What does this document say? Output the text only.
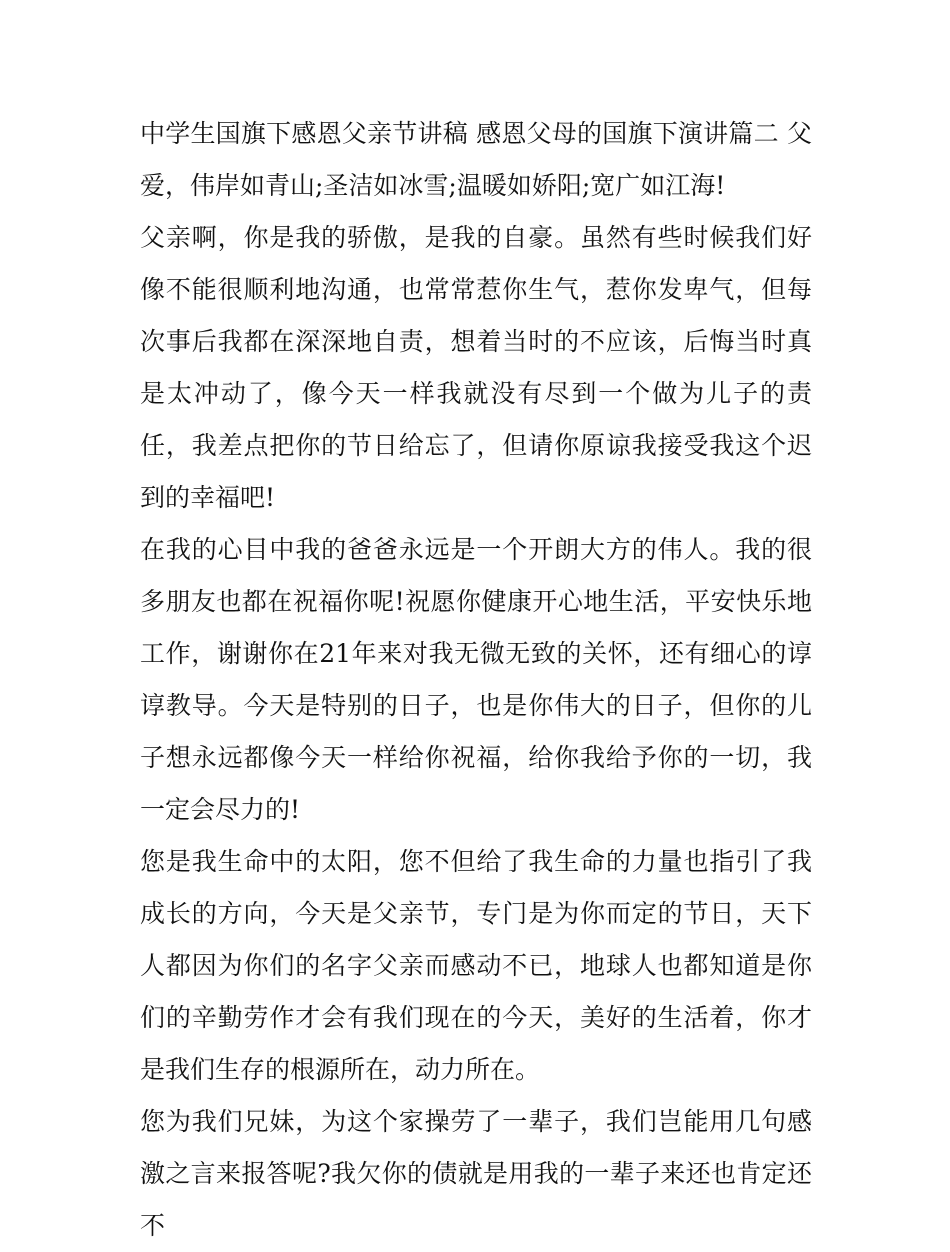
中学生国旗下感恩父亲节讲稿 感恩父母的国旗下演讲篇二 父爱，伟岸如青山;圣洁如冰雪;温暖如娇阳;宽广如江海!

父亲啊，你是我的骄傲，是我的自豪。虽然有些时候我们好像不能很顺利地沟通，也常常惹你生气，惹你发卑气，但每次事后我都在深深地自责，想着当时的不应该，后悔当时真是太冲动了，像今天一样我就没有尽到一个做为儿子的责任，我差点把你的节日给忘了，但请你原谅我接受我这个迟到的幸福吧!

在我的心目中我的爸爸永远是一个开朗大方的伟人。我的很多朋友也都在祝福你呢!祝愿你健康开心地生活，平安快乐地工作，谢谢你在21年来对我无微无致的关怀，还有细心的谆谆教导。今天是特别的日子，也是你伟大的日子，但你的儿子想永远都像今天一样给你祝福，给你我给予你的一切，我一定会尽力的!

您是我生命中的太阳，您不但给了我生命的力量也指引了我成长的方向，今天是父亲节，专门是为你而定的节日，天下人都因为你们的名字父亲而感动不已，地球人也都知道是你们的辛勤劳作才会有我们现在的今天，美好的生活着，你才是我们生存的根源所在，动力所在。

您为我们兄妹，为这个家操劳了一辈子，我们岂能用几句感激之言来报答呢?我欠你的债就是用我的一辈子来还也肯定还不
